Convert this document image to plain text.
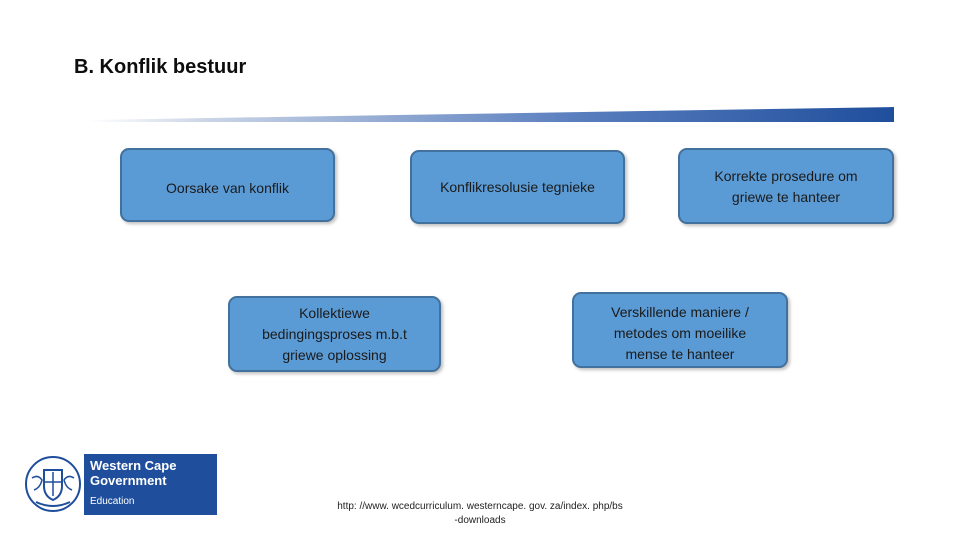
B. Konflik bestuur
Oorsake van konflik	Konflikresolusie tegnieke
Korrekte prosedure om
griewe te hanteer
Kollektiewe
bedingingsproses m.b.t
griewe oplossing
Verskillende maniere /
metodes om moeilike
mense te hanteer
Western Cape
Government
Education	http: //www. wcedcurriculum. westerncape. gov. za/index. php/bs
-downloads
